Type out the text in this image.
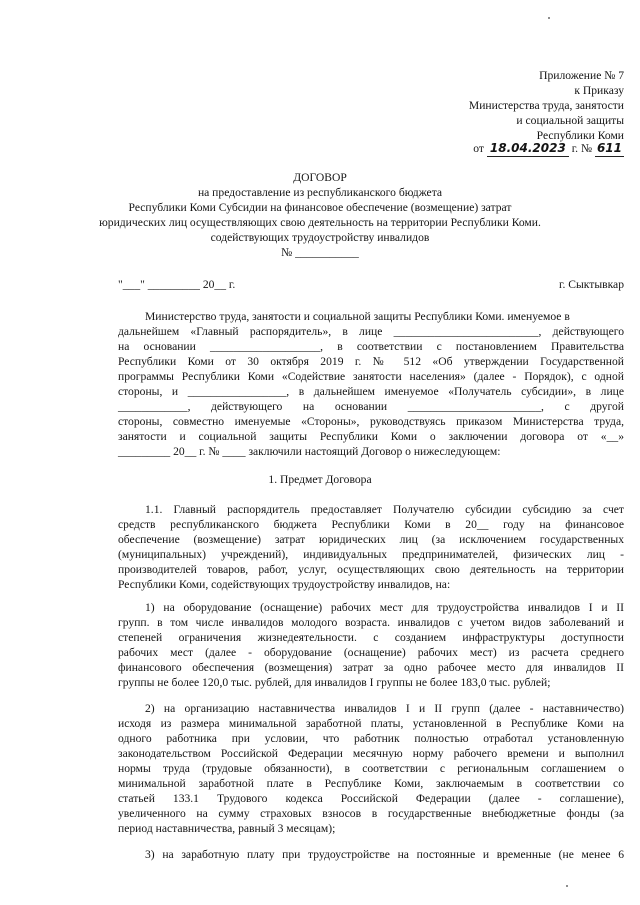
Приложение № 7
к Приказу
Министерства труда, занятости
и социальной защиты
Республики Коми
от 18.04.2023 г. № 611
ДОГОВОР
на предоставление из республиканского бюджета
Республики Коми Субсидии на финансовое обеспечение (возмещение) затрат
юридических лиц осуществляющих свою деятельность на территории Республики Коми.
содействующих трудоустройству инвалидов
№ ___________
"___" _________ 20__ г.	г. Сыктывкар
Министерство труда, занятости и социальной защиты Республики Коми. именуемое в
дальнейшем «Главный распорядитель», в лице _________________________, действующего
на основании ___________________, в соответствии с постановлением Правительства
Республики Коми от 30 октября 2019 г. № 512 «Об утверждении Государственной
программы Республики Коми «Содействие занятости населения» (далее - Порядок), с одной
стороны, и _________________, в дальнейшем именуемое «Получатель субсидии», в лице
____________, действующего на основании _______________________, с другой
стороны, совместно именуемые «Стороны», руководствуясь приказом Министерства труда,
занятости и социальной защиты Республики Коми о заключении договора от «__»
_________ 20__ г. № ____ заключили настоящий Договор о нижеследующем:
1. Предмет Договора
1.1. Главный распорядитель предоставляет Получателю субсидии субсидию за счет
средств республиканского бюджета Республики Коми в 20__ году на финансовое
обеспечение (возмещение) затрат юридических лиц (за исключением государственных
(муниципальных) учреждений), индивидуальных предпринимателей, физических лиц -
производителей товаров, работ, услуг, осуществляющих свою деятельность на территории
Республики Коми, содействующих трудоустройству инвалидов, на:
1) на оборудование (оснащение) рабочих мест для трудоустройства инвалидов I и II
групп. в том числе инвалидов молодого возраста. инвалидов с учетом видов заболеваний и
степеней ограничения жизнедеятельности. с созданием инфраструктуры доступности
рабочих мест (далее - оборудование (оснащение) рабочих мест) из расчета среднего
финансового обеспечения (возмещения) затрат за одно рабочее место для инвалидов II
группы не более 120,0 тыс. рублей, для инвалидов I группы не более 183,0 тыс. рублей;
2) на организацию наставничества инвалидов I и II групп (далее - наставничество)
исходя из размера минимальной заработной платы, установленной в Республике Коми на
одного работника при условии, что работник полностью отработал установленную
законодательством Российской Федерации месячную норму рабочего времени и выполнил
нормы труда (трудовые обязанности), в соответствии с региональным соглашением о
минимальной заработной плате в Республике Коми, заключаемым в соответствии со
статьей 133.1 Трудового кодекса Российской Федерации (далее - соглашение),
увеличенного на сумму страховых взносов в государственные внебюджетные фонды (за
период наставничества, равный 3 месяцам);
3) на заработную плату при трудоустройстве на постоянные и временные (не менее 6
